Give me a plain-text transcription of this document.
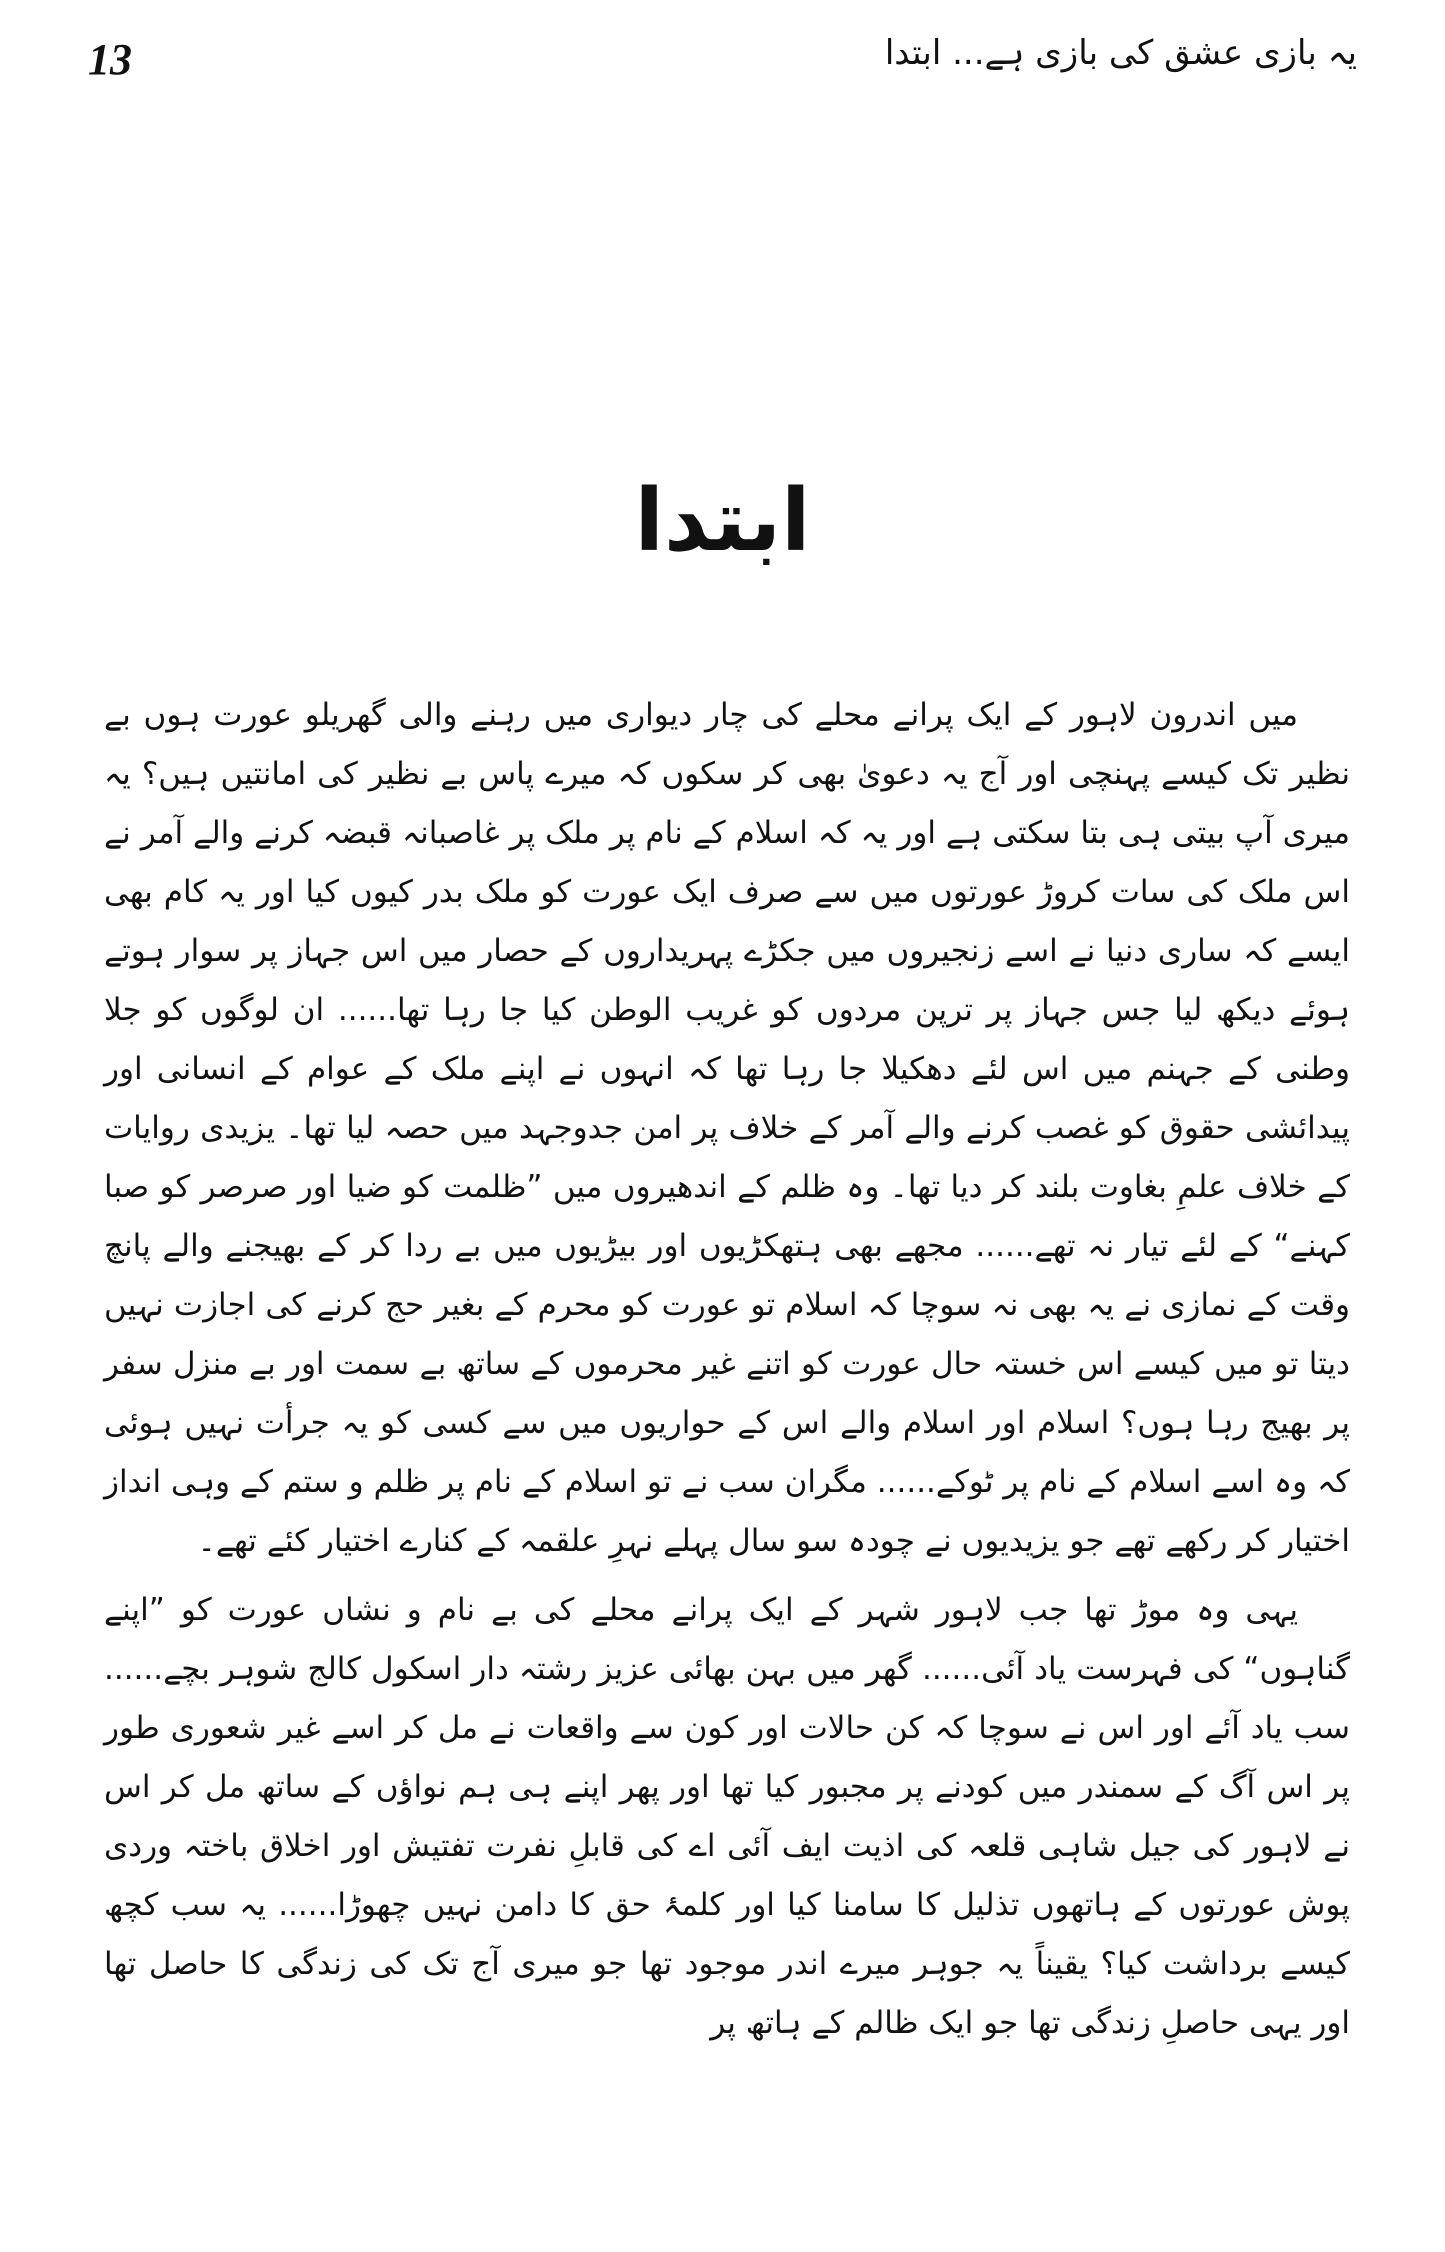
13	یہ بازی عشق کی بازی ہے... ابتدا
ابتدا

میں اندرون لاہور کے ایک پرانے محلے کی چار دیواری میں رہنے والی گھریلو عورت ہوں بے نظیر تک کیسے پہنچی اور آج یہ دعویٰ بھی کر سکوں کہ میرے پاس بے نظیر کی امانتیں ہیں؟ یہ میری آپ بیتی ہی بتا سکتی ہے اور یہ کہ اسلام کے نام پر ملک پر غاصبانہ قبضہ کرنے والے آمر نے اس ملک کی سات کروڑ عورتوں میں سے صرف ایک عورت کو ملک بدر کیوں کیا اور یہ کام بھی ایسے کہ ساری دنیا نے اسے زنجیروں میں جکڑے پہریداروں کے حصار میں اس جہاز پر سوار ہوتے ہوئے دیکھ لیا جس جہاز پر ترپن مردوں کو غریب الوطن کیا جا رہا تھا...... ان لوگوں کو جلا وطنی کے جہنم میں اس لئے دھکیلا جا رہا تھا کہ انہوں نے اپنے ملک کے عوام کے انسانی اور پیدائشی حقوق کو غصب کرنے والے آمر کے خلاف پر امن جدوجہد میں حصہ لیا تھا۔ یزیدی روایات کے خلاف علمِ بغاوت بلند کر دیا تھا۔ وہ ظلم کے اندھیروں میں ”ظلمت کو ضیا اور صرصر کو صبا کہنے“ کے لئے تیار نہ تھے...... مجھے بھی ہتھکڑیوں اور بیڑیوں میں بے ردا کر کے بھیجنے والے پانچ وقت کے نمازی نے یہ بھی نہ سوچا کہ اسلام تو عورت کو محرم کے بغیر حج کرنے کی اجازت نہیں دیتا تو میں کیسے اس خستہ حال عورت کو اتنے غیر محرموں کے ساتھ بے سمت اور بے منزل سفر پر بھیج رہا ہوں؟ اسلام اور اسلام والے اس کے حواریوں میں سے کسی کو یہ جرأت نہیں ہوئی کہ وہ اسے اسلام کے نام پر ٹوکے...... مگران سب نے تو اسلام کے نام پر ظلم و ستم کے وہی انداز اختیار کر رکھے تھے جو یزیدیوں نے چودہ سو سال پہلے نہرِ علقمہ کے کنارے اختیار کئے تھے۔

یہی وہ موڑ تھا جب لاہور شہر کے ایک پرانے محلے کی بے نام و نشاں عورت کو ”اپنے گناہوں“ کی فہرست یاد آئی...... گھر میں بہن بھائی عزیز رشتہ دار اسکول کالج شوہر بچے...... سب یاد آئے اور اس نے سوچا کہ کن حالات اور کون سے واقعات نے مل کر اسے غیر شعوری طور پر اس آگ کے سمندر میں کودنے پر مجبور کیا تھا اور پھر اپنے ہی ہم نواؤں کے ساتھ مل کر اس نے لاہور کی جیل شاہی قلعہ کی اذیت ایف آئی اے کی قابلِ نفرت تفتیش اور اخلاق باختہ وردی پوش عورتوں کے ہاتھوں تذلیل کا سامنا کیا اور کلمۂ حق کا دامن نہیں چھوڑا...... یہ سب کچھ کیسے برداشت کیا؟ یقیناً یہ جوہر میرے اندر موجود تھا جو میری آج تک کی زندگی کا حاصل تھا اور یہی حاصلِ زندگی تھا جو ایک ظالم کے ہاتھ پر
